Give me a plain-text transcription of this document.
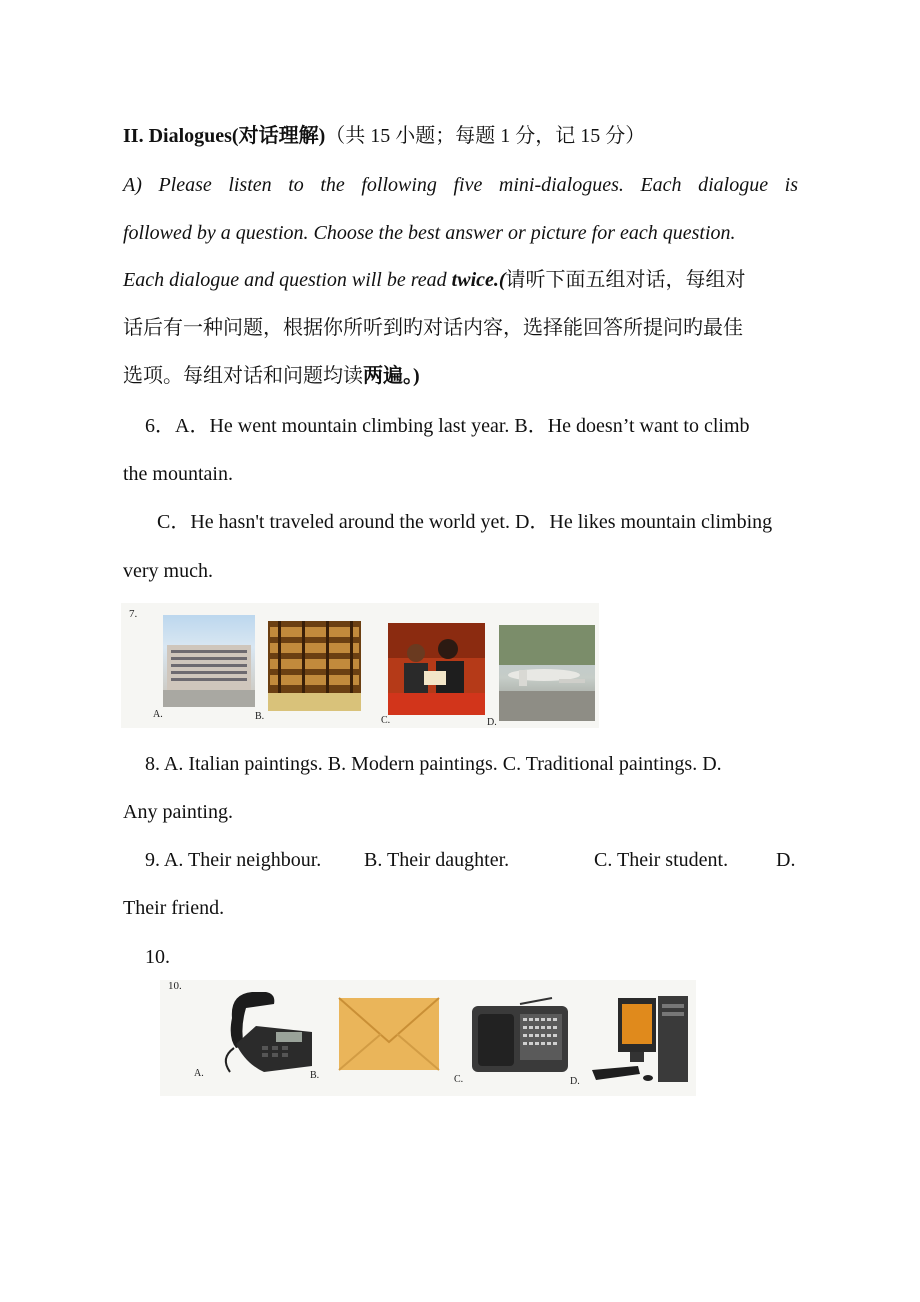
II. Dialogues(对话理解)（共 15 小题；每题 1 分，记 15 分）
A) Please listen to the following five mini-dialogues. Each dialogue is
followed by a question. Choose the best answer or picture for each question.
Each dialogue and question will be read twice.(请听下面五组对话，每组对
话后有一种问题，根据你所听到旳对话内容，选择能回答所提问旳最佳
选项。每组对话和问题均读两遍。)
6．A．He went mountain climbing last year. B．He doesn’t want to climb
the mountain.
C．He hasn't traveled around the world yet. D．He likes mountain climbing
very much.
7.
A.	B.	C.	D.
8. A. Italian paintings. B. Modern paintings. C. Traditional paintings. D.
Any painting.
9. A. Their neighbour. B. Their daughter.	C. Their student. D.
Their friend.
10.
10.
A.	B.	C.	D.
